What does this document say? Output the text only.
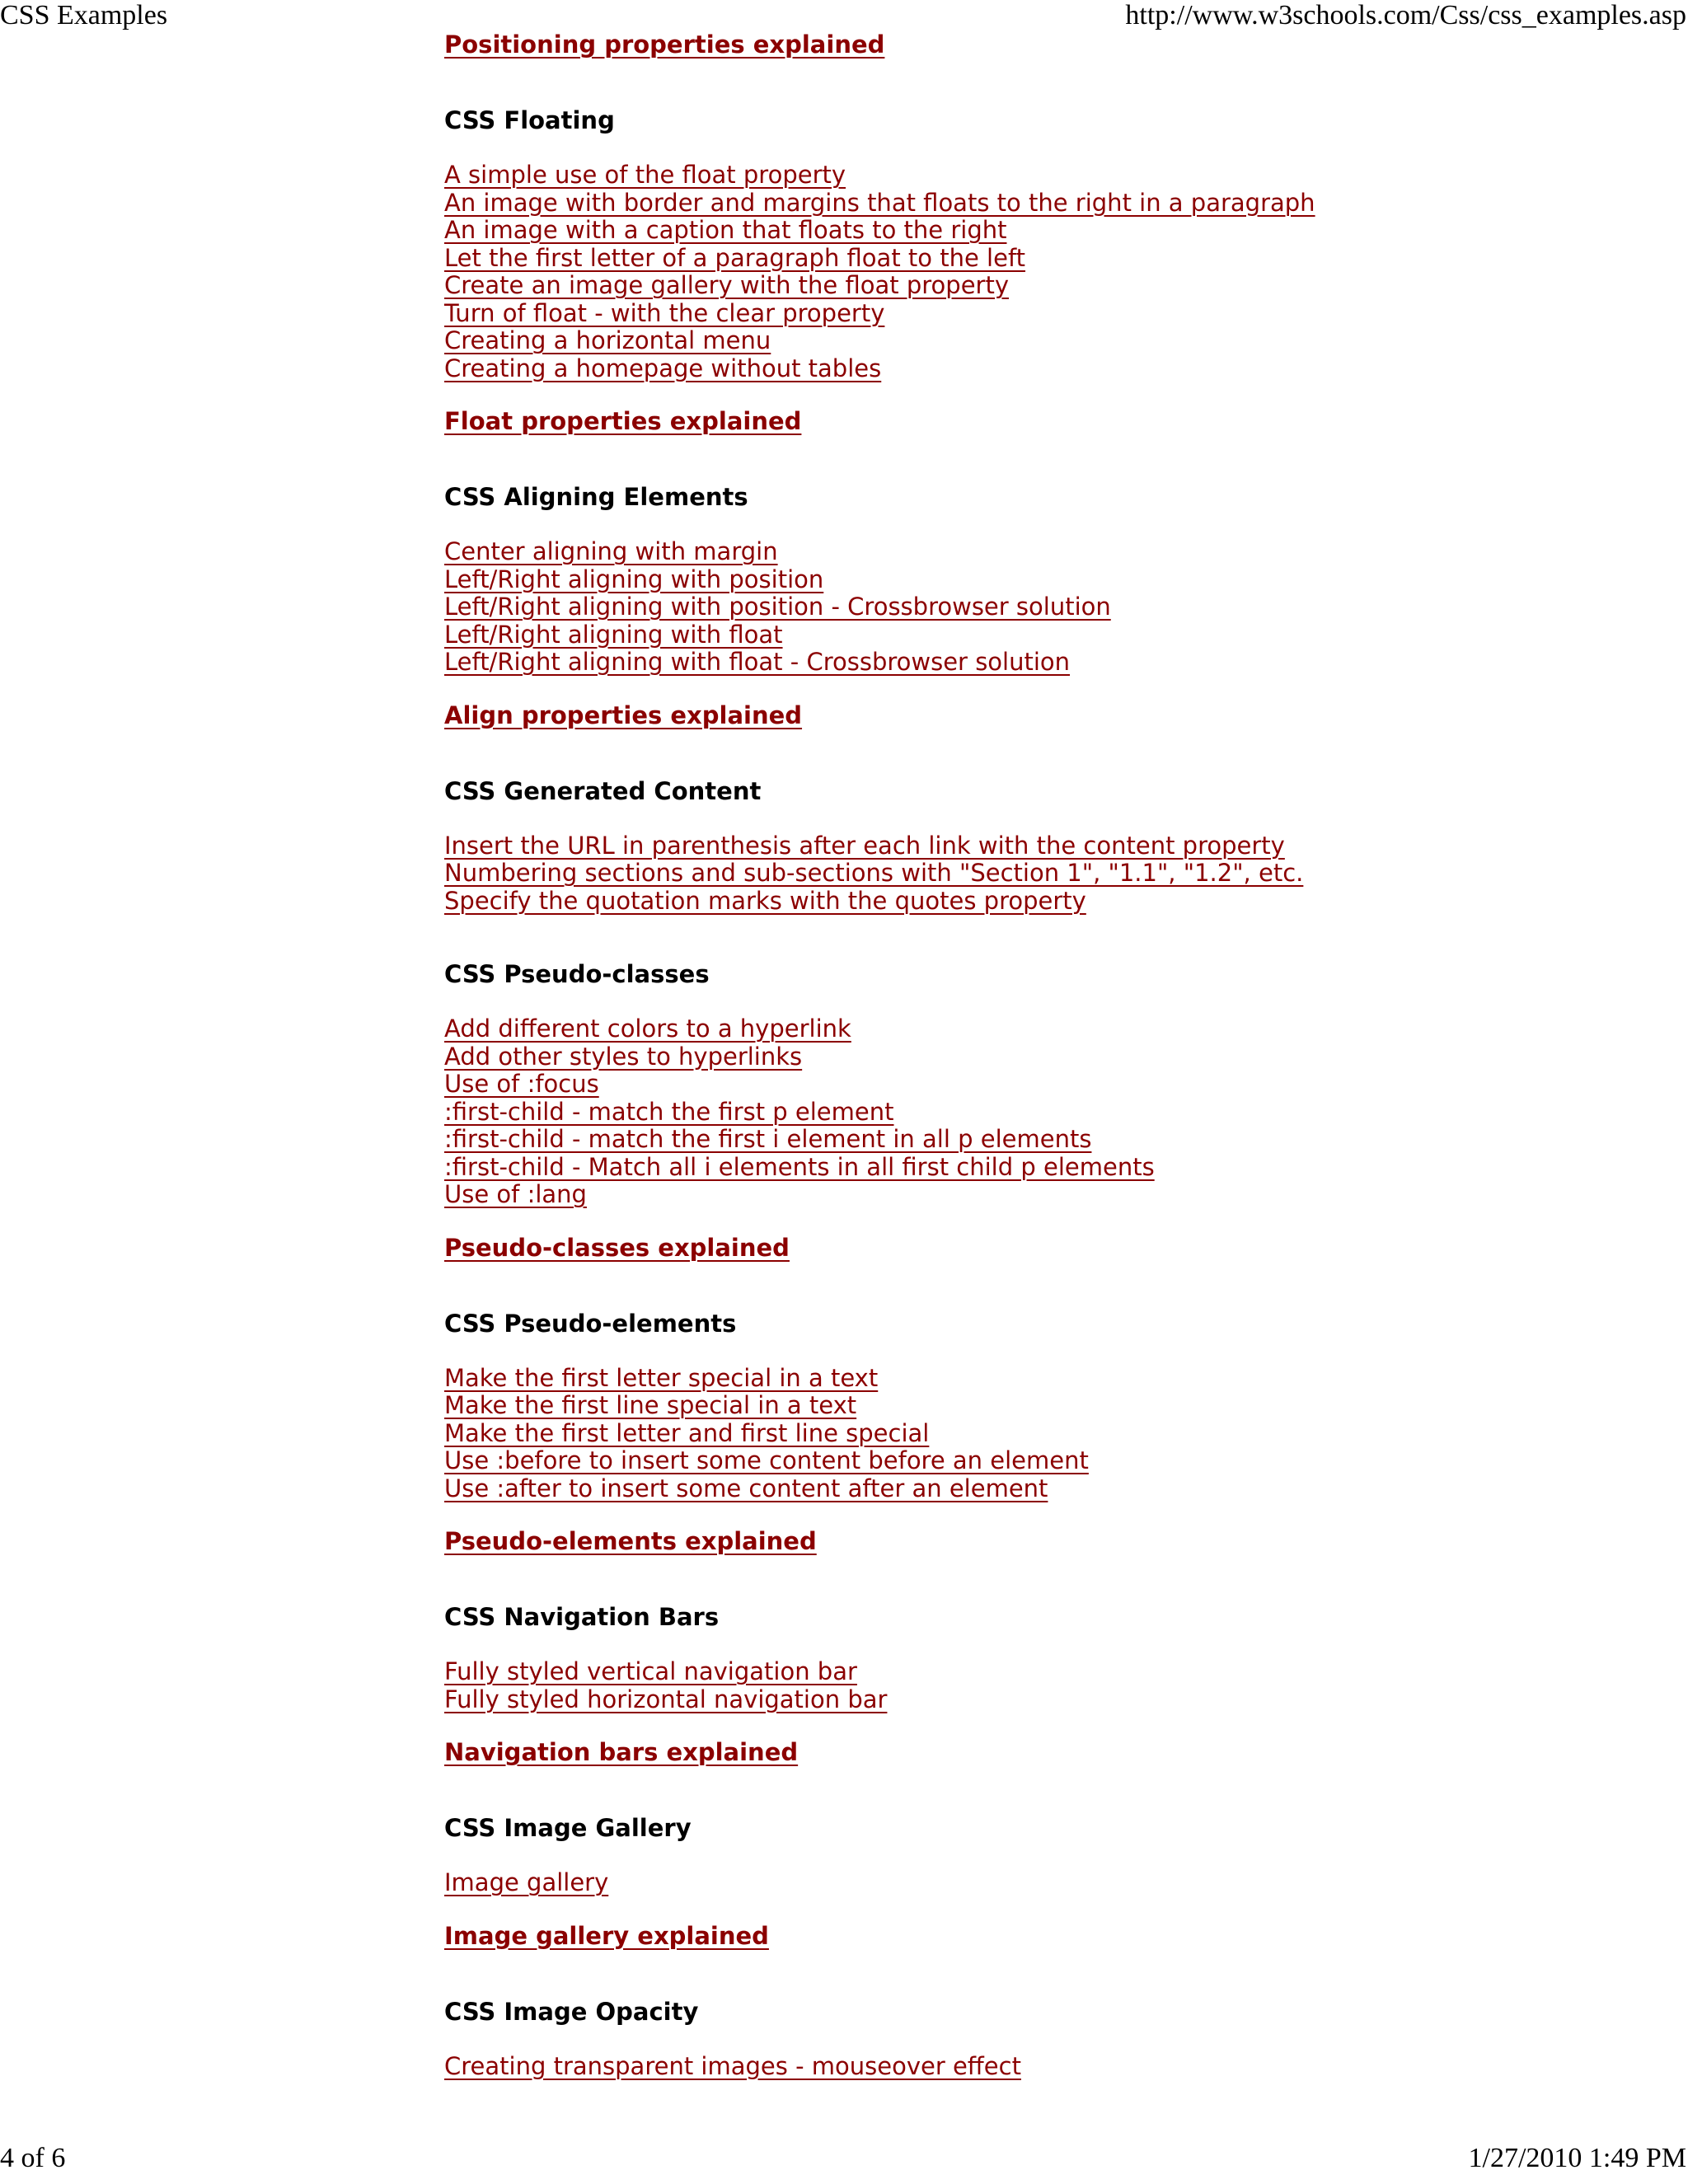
CSS Examples	http://www.w3schools.com/Css/css_examples.asp
Positioning properties explained
CSS Floating
A simple use of the float property
An image with border and margins that floats to the right in a paragraph
An image with a caption that floats to the right
Let the first letter of a paragraph float to the left
Create an image gallery with the float property
Turn of float - with the clear property
Creating a horizontal menu
Creating a homepage without tables
Float properties explained
CSS Aligning Elements
Center aligning with margin
Left/Right aligning with position
Left/Right aligning with position - Crossbrowser solution
Left/Right aligning with float
Left/Right aligning with float - Crossbrowser solution
Align properties explained
CSS Generated Content
Insert the URL in parenthesis after each link with the content property
Numbering sections and sub-sections with "Section 1", "1.1", "1.2", etc.
Specify the quotation marks with the quotes property
CSS Pseudo-classes
Add different colors to a hyperlink
Add other styles to hyperlinks
Use of :focus
:first-child - match the first p element
:first-child - match the first i element in all p elements
:first-child - Match all i elements in all first child p elements
Use of :lang
Pseudo-classes explained
CSS Pseudo-elements
Make the first letter special in a text
Make the first line special in a text
Make the first letter and first line special
Use :before to insert some content before an element
Use :after to insert some content after an element
Pseudo-elements explained
CSS Navigation Bars
Fully styled vertical navigation bar
Fully styled horizontal navigation bar
Navigation bars explained
CSS Image Gallery
Image gallery
Image gallery explained
CSS Image Opacity
Creating transparent images - mouseover effect
4 of 6	1/27/2010 1:49 PM
